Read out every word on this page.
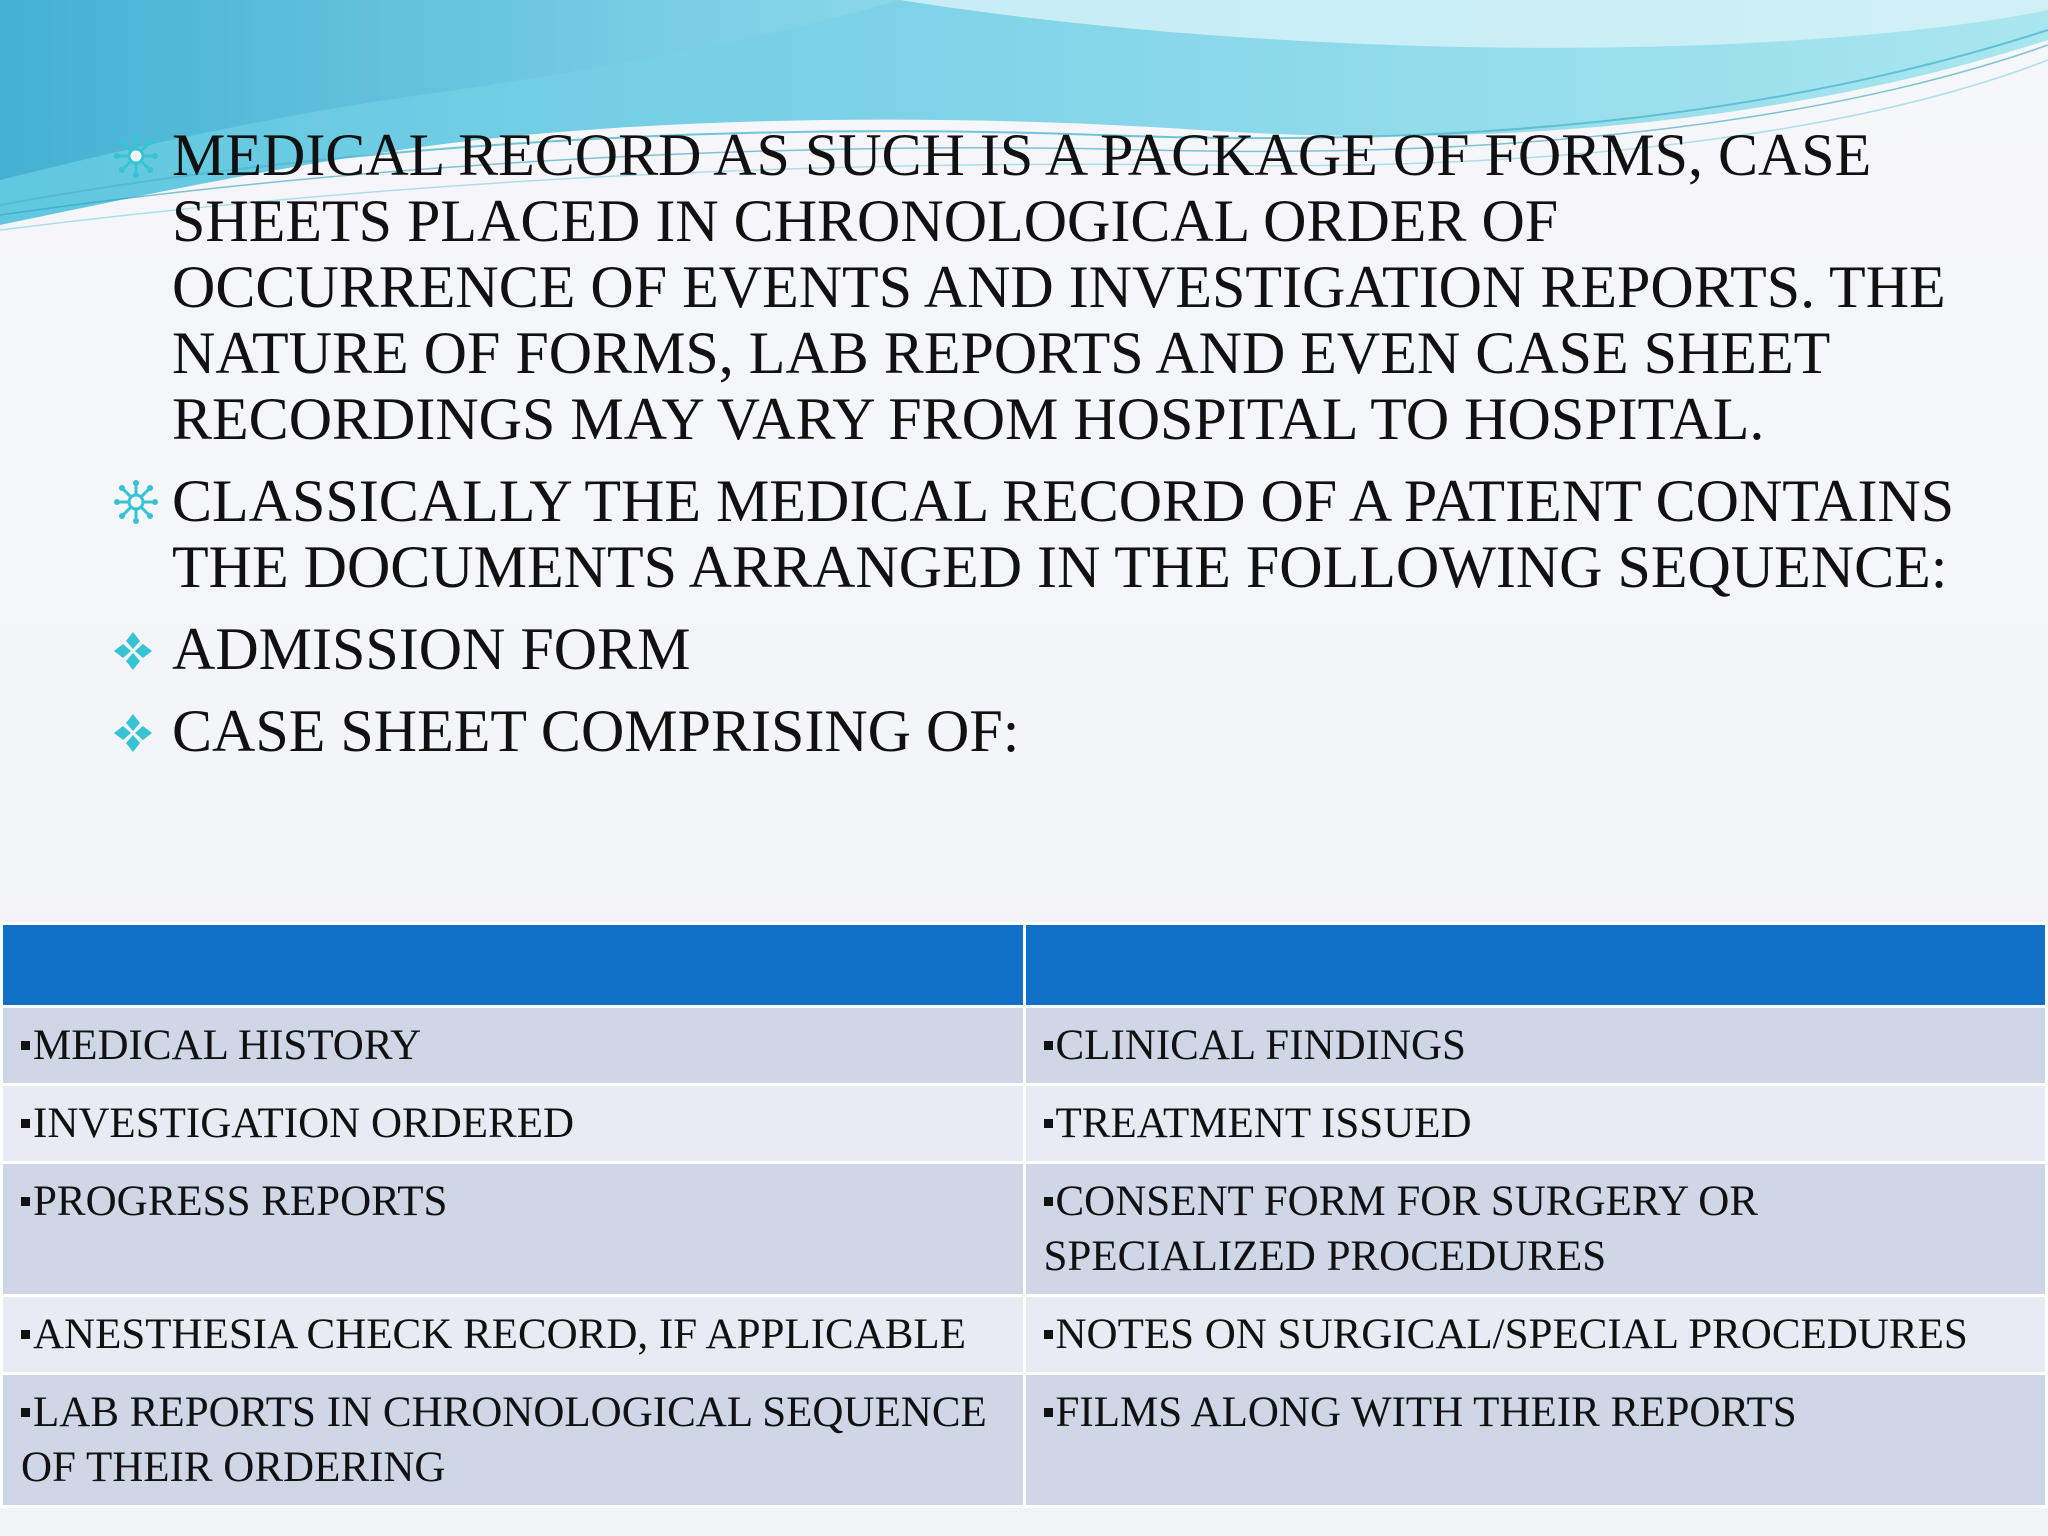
MEDICAL RECORD AS SUCH IS A PACKAGE OF FORMS, CASE SHEETS PLACED IN CHRONOLOGICAL ORDER OF OCCURRENCE OF EVENTS AND INVESTIGATION REPORTS. THE NATURE OF FORMS, LAB REPORTS AND EVEN CASE SHEET RECORDINGS MAY VARY FROM HOSPITAL TO HOSPITAL.
CLASSICALLY THE MEDICAL RECORD OF A PATIENT CONTAINS THE DOCUMENTS ARRANGED IN THE FOLLOWING SEQUENCE:
ADMISSION FORM
CASE SHEET COMPRISING OF:

MEDICAL HISTORY	CLINICAL FINDINGS
INVESTIGATION ORDERED	TREATMENT ISSUED
PROGRESS REPORTS	CONSENT FORM FOR SURGERY OR SPECIALIZED PROCEDURES
ANESTHESIA CHECK RECORD, IF APPLICABLE	NOTES ON SURGICAL/SPECIAL PROCEDURES
LAB REPORTS IN CHRONOLOGICAL SEQUENCE OF THEIR ORDERING	FILMS ALONG WITH THEIR REPORTS
